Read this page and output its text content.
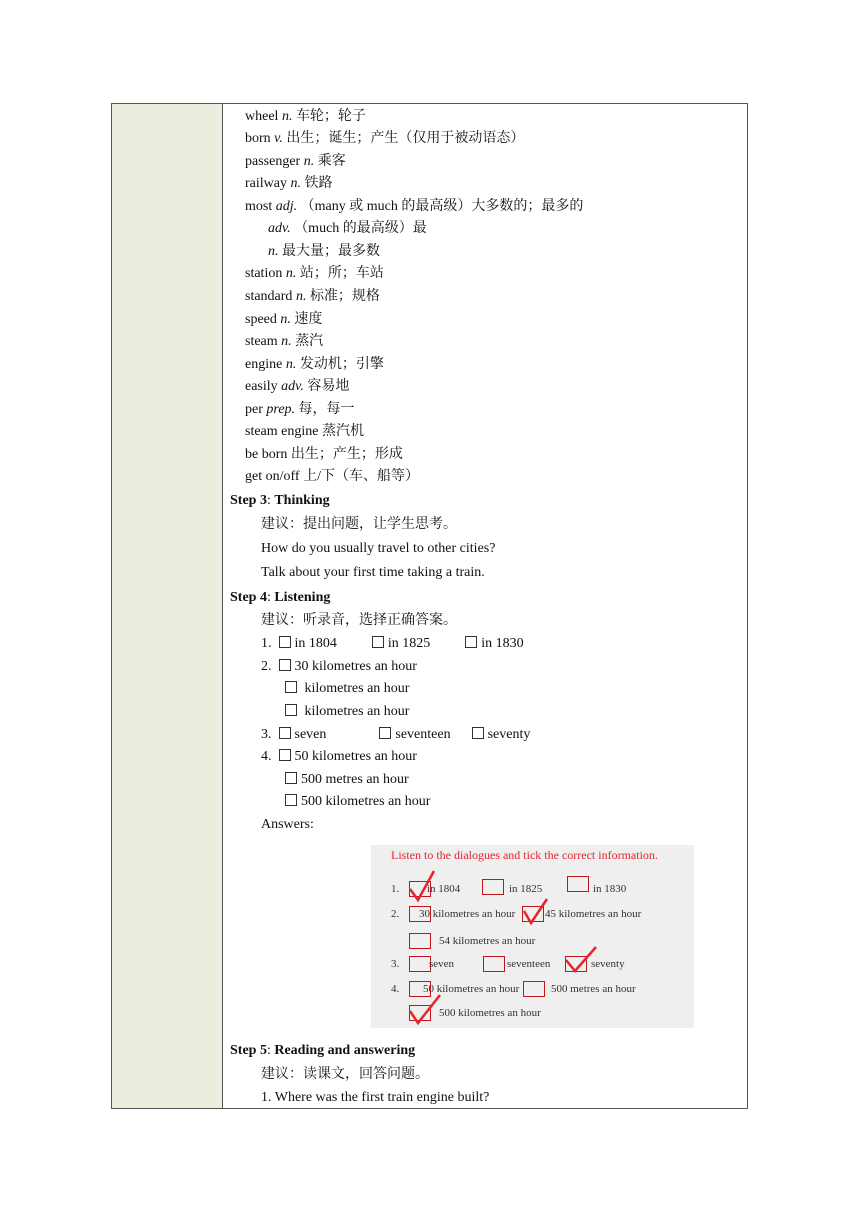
wheel n. 车轮；轮子
born v. 出生；诞生；产生（仅用于被动语态）
passenger n. 乘客
railway n. 铁路
most adj. （many 或 much 的最高级）大多数的；最多的
adv. （much 的最高级）最
n. 最大量；最多数
station n. 站；所；车站
standard n. 标准；规格
speed n. 速度
steam n. 蒸汽
engine n. 发动机；引擎
easily adv. 容易地
per prep. 每，每一
steam engine 蒸汽机
be born 出生；产生；形成
get on/off 上/下（车、船等）
Step 3: Thinking
建议：提出问题，让学生思考。
How do you usually travel to other cities?
Talk about your first time taking a train.
Step 4: Listening
建议：听录音，选择正确答案。
1. in 1804	in 1825	in 1830
2. 30 kilometres an hour
kilometres an hour
kilometres an hour
3. seven	seventeen	seventy
4. 50 kilometres an hour
500 metres an hour
500 kilometres an hour
Answers:
Listen to the dialogues and tick the correct information.
1.	in 1804	in 1825	in 1830
2. 30 kilometres an hour	45 kilometres an hour
54 kilometres an hour
3.	seven	seventeen	seventy
4. 50 kilometres an hour	500 metres an hour
500 kilometres an hour
Step 5: Reading and answering
建议：读课文，回答问题。
1. Where was the first train engine built?
